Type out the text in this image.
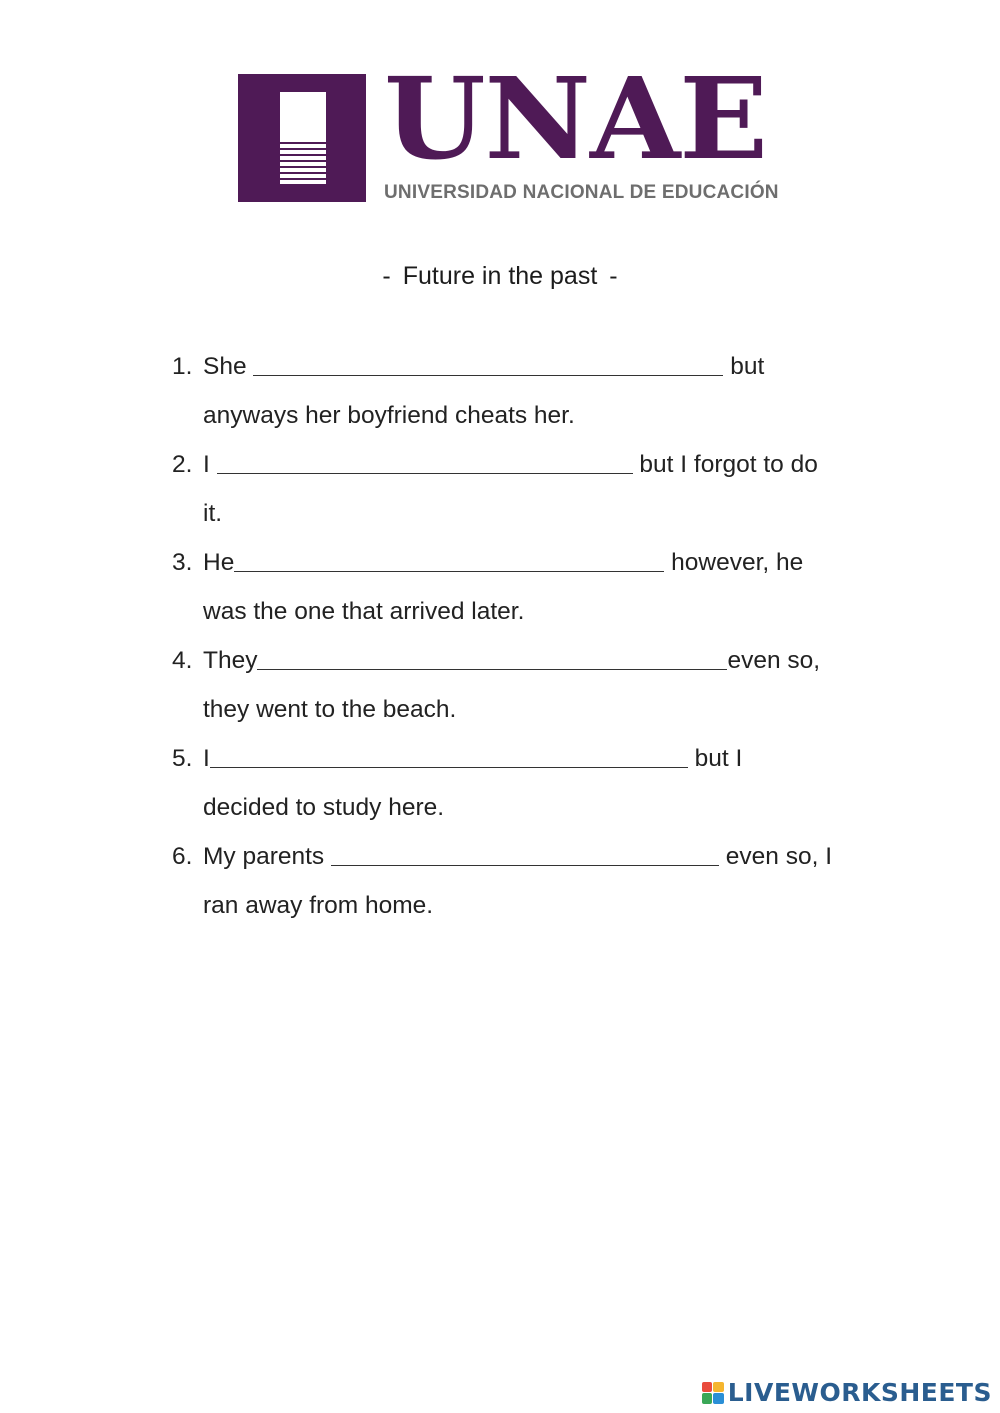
UNAE
UNIVERSIDAD NACIONAL DE EDUCACIÓN
- Future in the past -
1. She	but
anyways her boyfriend cheats her.
2. I	but I forgot to do
it.
3. He	however, he
was the one that arrived later.
4. They	even so,
they went to the beach.
5. I	but I
decided to study here.
6. My parents	even so, I
ran away from home.
LIVEWORKSHEETS
